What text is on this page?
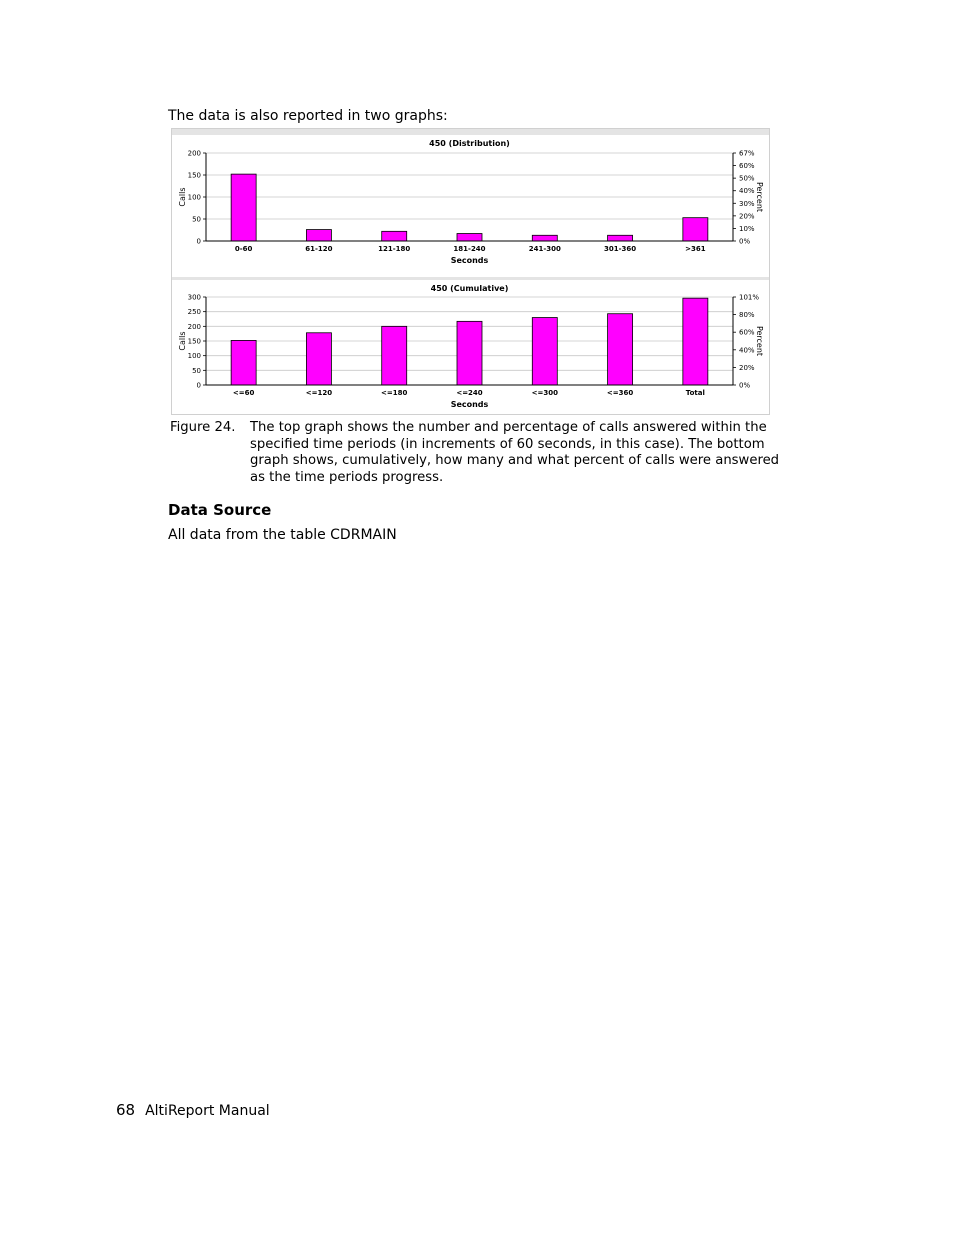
The data is also reported in two graphs:
450 (Distribution)
0
50
100
150
200
0%
10%
20%
30%
40%
50%
60%
67%
0-60	61-120	121-180	181-240	241-300	301-360	>361
Seconds
Calls	Percent
450 (Cumulative)
0
50
100
150
200
250
300
0%
20%
40%
60%
80%
101%
<=60	<=120	<=180	<=240	<=300	<=360	Total
Seconds
Calls	Percent
Figure 24. The top graph shows the number and percentage of calls answered within the specified time periods (in increments of 60 seconds, in this case). The bottom graph shows, cumulatively, how many and what percent of calls were answered as the time periods progress.
Data Source
All data from the table CDRMAIN
68 AltiReport Manual
